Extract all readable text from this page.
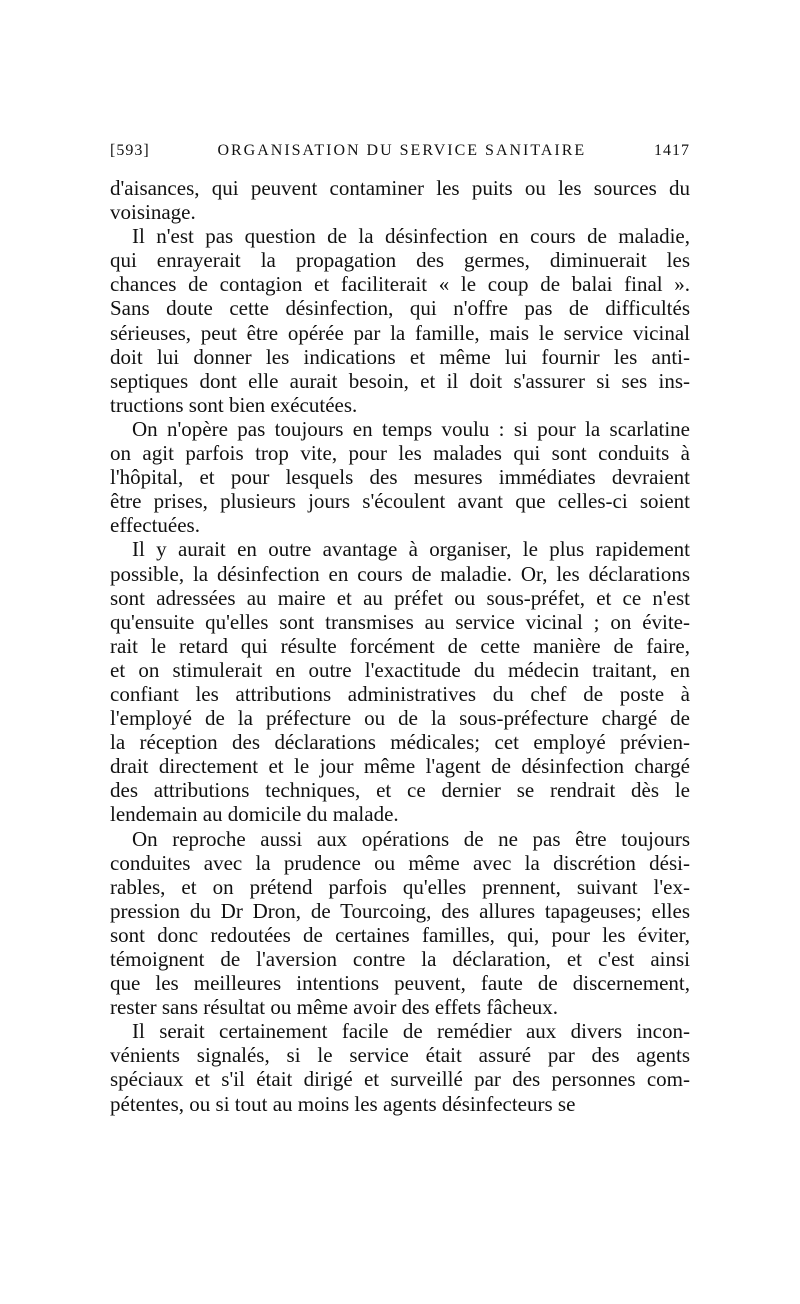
[593]	ORGANISATION DU SERVICE SANITAIRE	1417
d'aisances, qui peuvent contaminer les puits ou les sources du
voisinage.
Il n'est pas question de la désinfection en cours de maladie,
qui enrayerait la propagation des germes, diminuerait les
chances de contagion et faciliterait « le coup de balai final ».
Sans doute cette désinfection, qui n'offre pas de difficultés
sérieuses, peut être opérée par la famille, mais le service vicinal
doit lui donner les indications et même lui fournir les anti-
septiques dont elle aurait besoin, et il doit s'assurer si ses ins-
tructions sont bien exécutées.
On n'opère pas toujours en temps voulu : si pour la scarlatine
on agit parfois trop vite, pour les malades qui sont conduits à
l'hôpital, et pour lesquels des mesures immédiates devraient
être prises, plusieurs jours s'écoulent avant que celles-ci soient
effectuées.
Il y aurait en outre avantage à organiser, le plus rapidement
possible, la désinfection en cours de maladie. Or, les déclarations
sont adressées au maire et au préfet ou sous-préfet, et ce n'est
qu'ensuite qu'elles sont transmises au service vicinal ; on évite-
rait le retard qui résulte forcément de cette manière de faire,
et on stimulerait en outre l'exactitude du médecin traitant, en
confiant les attributions administratives du chef de poste à
l'employé de la préfecture ou de la sous-préfecture chargé de
la réception des déclarations médicales; cet employé prévien-
drait directement et le jour même l'agent de désinfection chargé
des attributions techniques, et ce dernier se rendrait dès le
lendemain au domicile du malade.
On reproche aussi aux opérations de ne pas être toujours
conduites avec la prudence ou même avec la discrétion dési-
rables, et on prétend parfois qu'elles prennent, suivant l'ex-
pression du Dr Dron, de Tourcoing, des allures tapageuses; elles
sont donc redoutées de certaines familles, qui, pour les éviter,
témoignent de l'aversion contre la déclaration, et c'est ainsi
que les meilleures intentions peuvent, faute de discernement,
rester sans résultat ou même avoir des effets fâcheux.
Il serait certainement facile de remédier aux divers incon-
vénients signalés, si le service était assuré par des agents
spéciaux et s'il était dirigé et surveillé par des personnes com-
pétentes, ou si tout au moins les agents désinfecteurs se
